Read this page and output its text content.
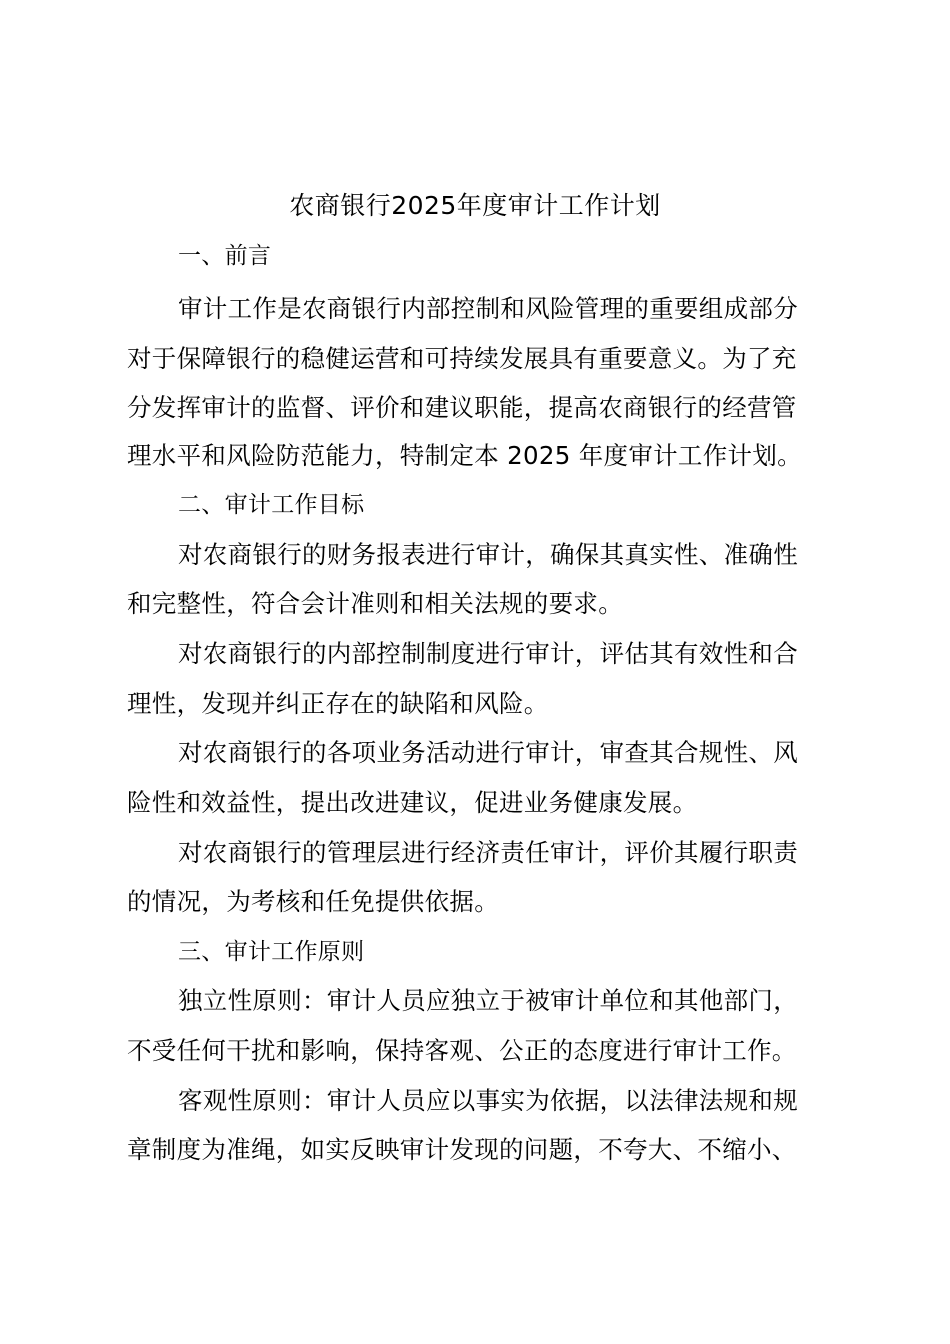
农商银行2025年度审计工作计划
一、前言
审计工作是农商银行内部控制和风险管理的重要组成部分
对于保障银行的稳健运营和可持续发展具有重要意义。为了充
分发挥审计的监督、评价和建议职能，提高农商银行的经营管
理水平和风险防范能力，特制定本 2025 年度审计工作计划。
二、审计工作目标
对农商银行的财务报表进行审计，确保其真实性、准确性
和完整性，符合会计准则和相关法规的要求。
对农商银行的内部控制制度进行审计，评估其有效性和合
理性，发现并纠正存在的缺陷和风险。
对农商银行的各项业务活动进行审计，审查其合规性、风
险性和效益性，提出改进建议，促进业务健康发展。
对农商银行的管理层进行经济责任审计，评价其履行职责
的情况，为考核和任免提供依据。
三、审计工作原则
独立性原则：审计人员应独立于被审计单位和其他部门，
不受任何干扰和影响，保持客观、公正的态度进行审计工作。
客观性原则：审计人员应以事实为依据，以法律法规和规
章制度为准绳，如实反映审计发现的问题，不夸大、不缩小、
